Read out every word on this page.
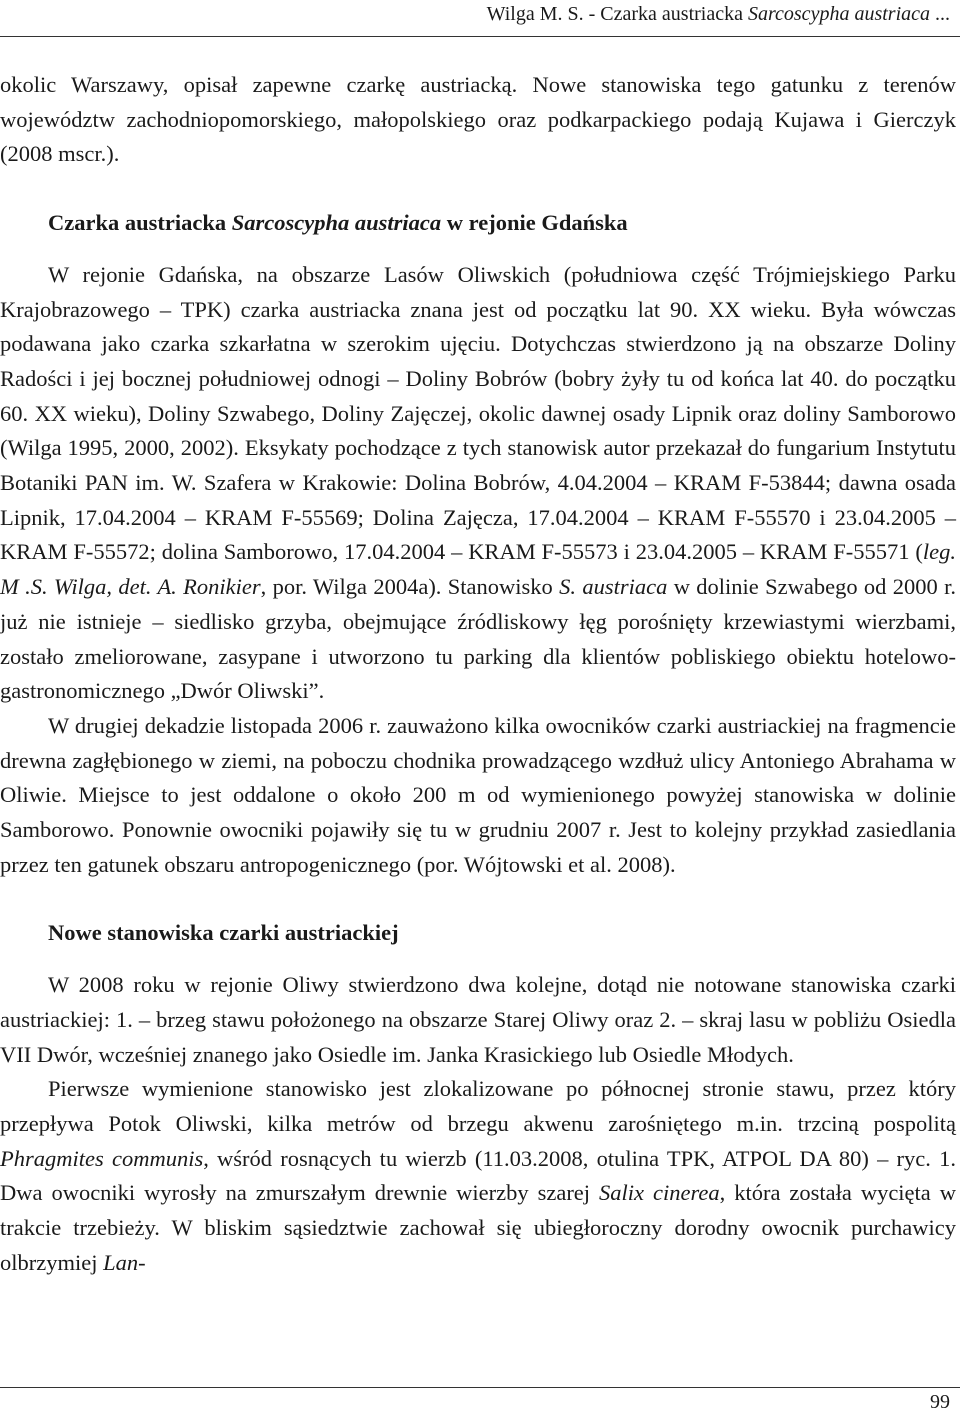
Wilga M. S. - Czarka austriacka Sarcoscypha austriaca ...

okolic Warszawy, opisał zapewne czarkę austriacką. Nowe stanowiska tego gatunku z terenów województw zachodniopomorskiego, małopolskiego oraz podkarpackiego podają Kujawa i Gierczyk (2008 mscr.).

Czarka austriacka Sarcoscypha austriaca w rejonie Gdańska

W rejonie Gdańska, na obszarze Lasów Oliwskich (południowa część Trójmiejskiego Parku Krajobrazowego – TPK) czarka austriacka znana jest od początku lat 90. XX wieku. Była wówczas podawana jako czarka szkarłatna w szerokim ujęciu. Dotychczas stwierdzono ją na obszarze Doliny Radości i jej bocznej południowej odnogi – Doliny Bobrów (bobry żyły tu od końca lat 40. do początku 60. XX wieku), Doliny Szwabego, Doliny Zajęczej, okolic dawnej osady Lipnik oraz doliny Samborowo (Wilga 1995, 2000, 2002). Eksykaty pochodzące z tych stanowisk autor przekazał do fungarium Instytutu Botaniki PAN im. W. Szafera w Krakowie: Dolina Bobrów, 4.04.2004 – KRAM F-53844; dawna osada Lipnik, 17.04.2004 – KRAM F-55569; Dolina Zajęcza, 17.04.2004 – KRAM F-55570 i 23.04.2005 – KRAM F-55572; dolina Samborowo, 17.04.2004 – KRAM F-55573 i 23.04.2005 – KRAM F-55571 (leg. M .S. Wilga, det. A. Ronikier, por. Wilga 2004a). Stanowisko S. austriaca w dolinie Szwabego od 2000 r. już nie istnieje – siedlisko grzyba, obejmujące źródliskowy łęg porośnięty krzewiastymi wierzbami, zostało zmeliorowane, zasypane i utworzono tu parking dla klientów pobliskiego obiektu hotelowo-gastronomicznego „Dwór Oliwski”.

W drugiej dekadzie listopada 2006 r. zauważono kilka owocników czarki austriackiej na fragmencie drewna zagłębionego w ziemi, na poboczu chodnika prowadzącego wzdłuż ulicy Antoniego Abrahama w Oliwie. Miejsce to jest oddalone o około 200 m od wymienionego powyżej stanowiska w dolinie Samborowo. Ponownie owocniki pojawiły się tu w grudniu 2007 r. Jest to kolejny przykład zasiedlania przez ten gatunek obszaru antropogenicznego (por. Wójtowski et al. 2008).

Nowe stanowiska czarki austriackiej

W 2008 roku w rejonie Oliwy stwierdzono dwa kolejne, dotąd nie notowane stanowiska czarki austriackiej: 1. – brzeg stawu położonego na obszarze Starej Oliwy oraz 2. – skraj lasu w pobliżu Osiedla VII Dwór, wcześniej znanego jako Osiedle im. Janka Krasickiego lub Osiedle Młodych.

Pierwsze wymienione stanowisko jest zlokalizowane po północnej stronie stawu, przez który przepływa Potok Oliwski, kilka metrów od brzegu akwenu zarośniętego m.in. trzciną pospolitą Phragmites communis, wśród rosnących tu wierzb (11.03.2008, otulina TPK, ATPOL DA 80) – ryc. 1. Dwa owocniki wyrosły na zmurszałym drewnie wierzby szarej Salix cinerea, która została wycięta w trakcie trzebieży. W bliskim sąsiedztwie zachował się ubiegłoroczny dorodny owocnik purchawicy olbrzymiej Lan-

99
